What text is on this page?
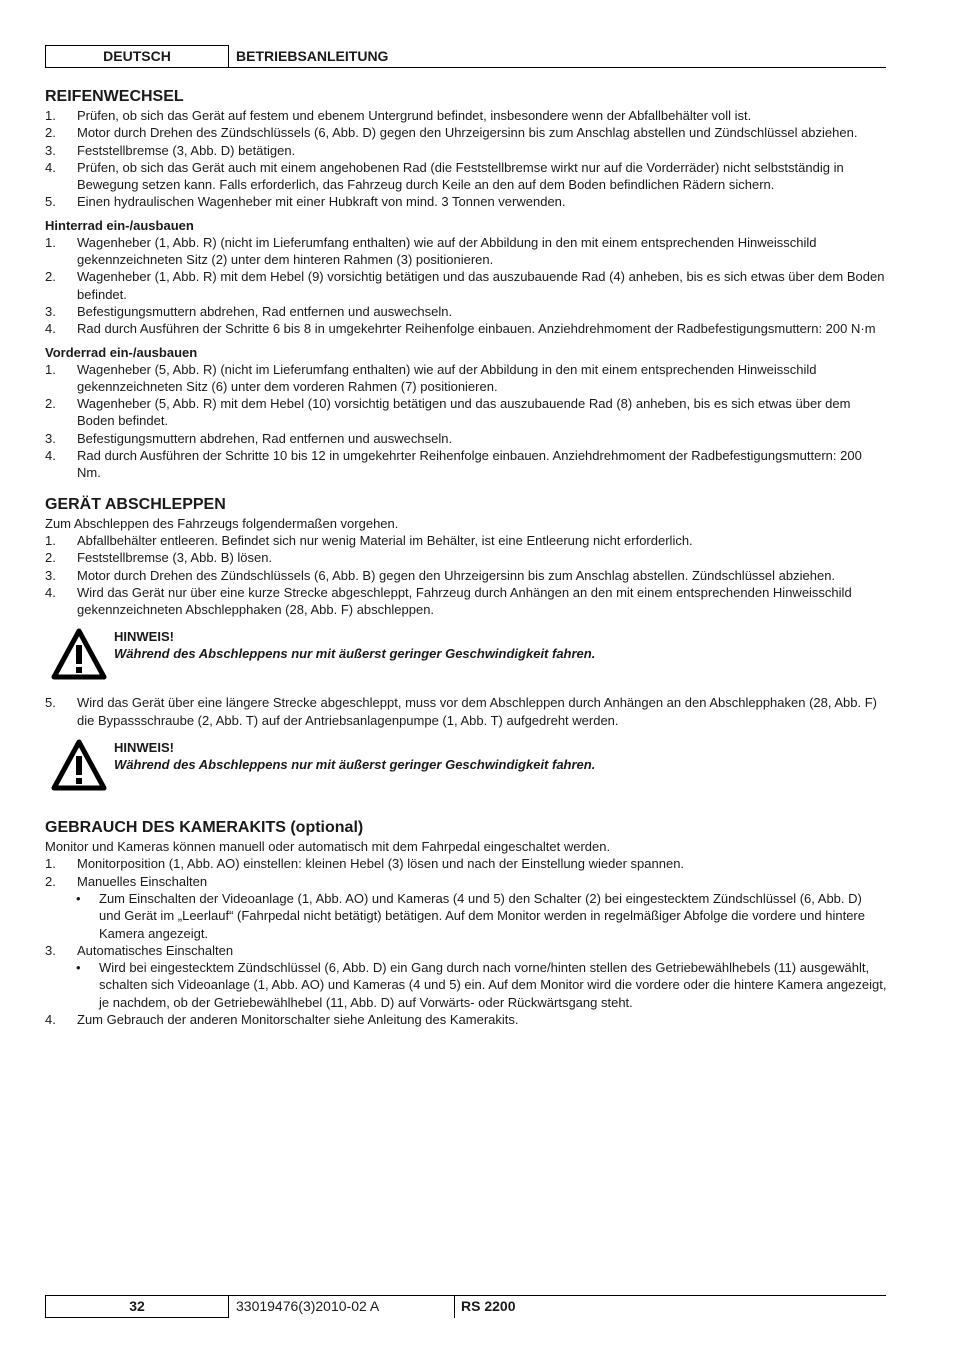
DEUTSCH	BETRIEBSANLEITUNG
REIFENWECHSEL
1. Prüfen, ob sich das Gerät auf festem und ebenem Untergrund befindet, insbesondere wenn der Abfallbehälter voll ist.
2. Motor durch Drehen des Zündschlüssels (6, Abb. D) gegen den Uhrzeigersinn bis zum Anschlag abstellen und Zündschlüssel abziehen.
3. Feststellbremse (3, Abb. D) betätigen.
4. Prüfen, ob sich das Gerät auch mit einem angehobenen Rad (die Feststellbremse wirkt nur auf die Vorderräder) nicht selbstständig in Bewegung setzen kann. Falls erforderlich, das Fahrzeug durch Keile an den auf dem Boden befindlichen Rädern sichern.
5. Einen hydraulischen Wagenheber mit einer Hubkraft von mind. 3 Tonnen verwenden.
Hinterrad ein-/ausbauen
1. Wagenheber (1, Abb. R) (nicht im Lieferumfang enthalten) wie auf der Abbildung in den mit einem entsprechenden Hinweisschild gekennzeichneten Sitz (2) unter dem hinteren Rahmen (3) positionieren.
2. Wagenheber (1, Abb. R) mit dem Hebel (9) vorsichtig betätigen und das auszubauende Rad (4) anheben, bis es sich etwas über dem Boden befindet.
3. Befestigungsmuttern abdrehen, Rad entfernen und auswechseln.
4. Rad durch Ausführen der Schritte 6 bis 8 in umgekehrter Reihenfolge einbauen. Anziehdrehmoment der Radbefestigungsmuttern: 200 N·m
Vorderrad ein-/ausbauen
1. Wagenheber (5, Abb. R) (nicht im Lieferumfang enthalten) wie auf der Abbildung in den mit einem entsprechenden Hinweisschild gekennzeichneten Sitz (6) unter dem vorderen Rahmen (7) positionieren.
2. Wagenheber (5, Abb. R) mit dem Hebel (10) vorsichtig betätigen und das auszubauende Rad (8) anheben, bis es sich etwas über dem Boden befindet.
3. Befestigungsmuttern abdrehen, Rad entfernen und auswechseln.
4. Rad durch Ausführen der Schritte 10 bis 12 in umgekehrter Reihenfolge einbauen. Anziehdrehmoment der Radbefestigungsmuttern: 200 Nm.
GERÄT ABSCHLEPPEN
Zum Abschleppen des Fahrzeugs folgendermaßen vorgehen.
1. Abfallbehälter entleeren. Befindet sich nur wenig Material im Behälter, ist eine Entleerung nicht erforderlich.
2. Feststellbremse (3, Abb. B) lösen.
3. Motor durch Drehen des Zündschlüssels (6, Abb. B) gegen den Uhrzeigersinn bis zum Anschlag abstellen. Zündschlüssel abziehen.
4. Wird das Gerät nur über eine kurze Strecke abgeschleppt, Fahrzeug durch Anhängen an den mit einem entsprechenden Hinweisschild gekennzeichneten Abschlepphaken (28, Abb. F) abschleppen.
HINWEIS!
Während des Abschleppens nur mit äußerst geringer Geschwindigkeit fahren.
5. Wird das Gerät über eine längere Strecke abgeschleppt, muss vor dem Abschleppen durch Anhängen an den Abschlepphaken (28, Abb. F) die Bypassschraube (2, Abb. T) auf der Antriebsanlagenpumpe (1, Abb. T) aufgedreht werden.
HINWEIS!
Während des Abschleppens nur mit äußerst geringer Geschwindigkeit fahren.
GEBRAUCH DES KAMERAKITS (optional)
Monitor und Kameras können manuell oder automatisch mit dem Fahrpedal eingeschaltet werden.
1. Monitorposition (1, Abb. AO) einstellen: kleinen Hebel (3) lösen und nach der Einstellung wieder spannen.
2. Manuelles Einschalten
• Zum Einschalten der Videoanlage (1, Abb. AO) und Kameras (4 und 5) den Schalter (2) bei eingestecktem Zündschlüssel (6, Abb. D) und Gerät im „Leerlauf“ (Fahrpedal nicht betätigt) betätigen. Auf dem Monitor werden in regelmäßiger Abfolge die vordere und hintere Kamera angezeigt.
3. Automatisches Einschalten
• Wird bei eingestecktem Zündschlüssel (6, Abb. D) ein Gang durch nach vorne/hinten stellen des Getriebewählhebels (11) ausgewählt, schalten sich Videoanlage (1, Abb. AO) und Kameras (4 und 5) ein. Auf dem Monitor wird die vordere oder die hintere Kamera angezeigt, je nachdem, ob der Getriebewählhebel (11, Abb. D) auf Vorwärts- oder Rückwärtsgang steht.
4. Zum Gebrauch der anderen Monitorschalter siehe Anleitung des Kamerakits.
32	33019476(3)2010-02 A	RS 2200
